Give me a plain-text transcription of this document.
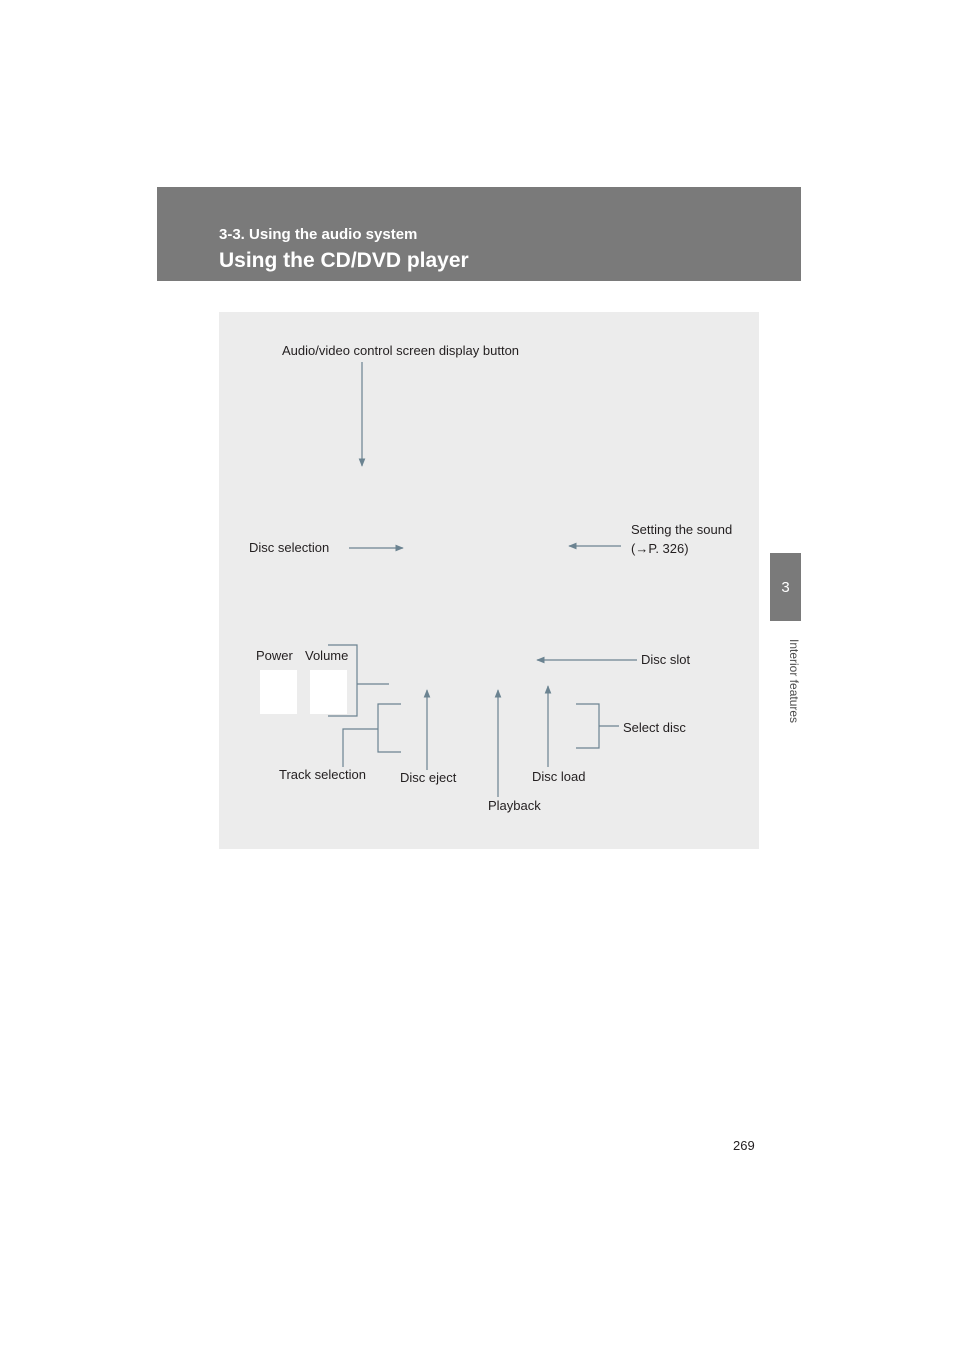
3-3. Using the audio system
Using the CD/DVD player
3
Interior features
Audio/video control screen display button
Disc selection
Setting the sound
(→P. 326)
Power Volume	Disc slot
Select disc
Track selection	Disc eject	Disc load
Playback
269
